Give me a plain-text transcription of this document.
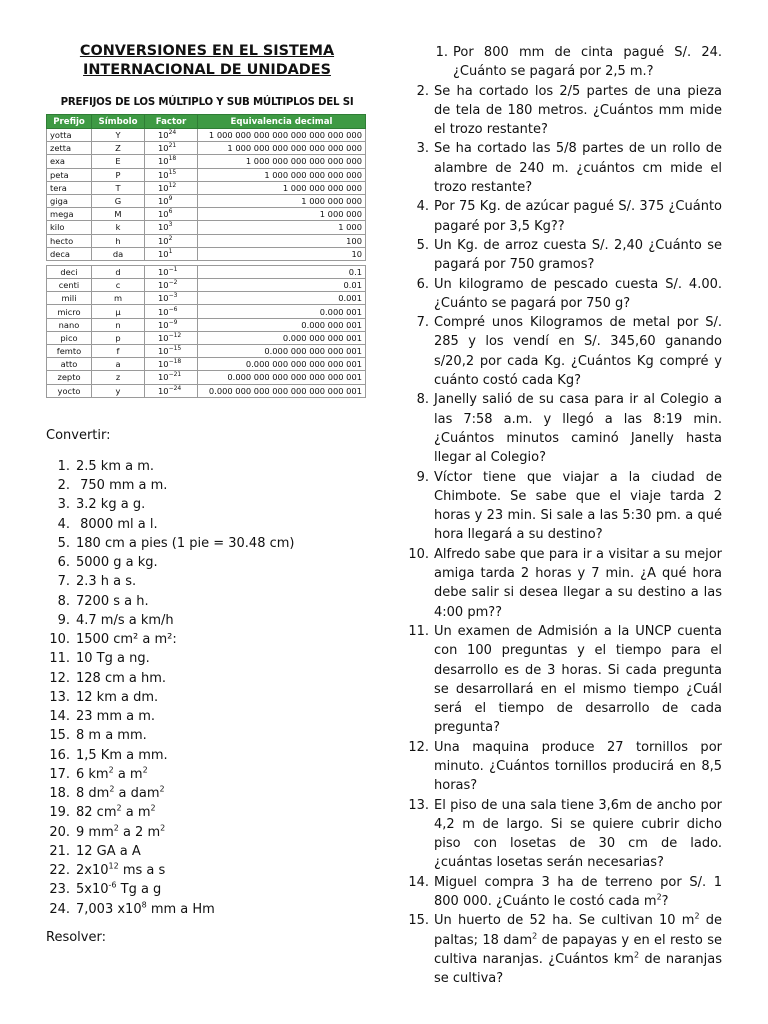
CONVERSIONES EN EL SISTEMA

INTERNACIONAL DE UNIDADES

PREFIJOS DE LOS MÚLTIPLO Y SUB MÚLTIPLOS DEL SI
Prefijo	Símbolo	Factor	Equivalencia decimal
yotta	Y	$10^{24}$	1 000 000 000 000 000 000 000 000
zetta	Z	$10^{21}$	1 000 000 000 000 000 000 000
exa	E	$10^{18}$	1 000 000 000 000 000 000
peta	P	$10^{15}$	1 000 000 000 000 000
tera	T	$10^{12}$	1 000 000 000 000
giga	G	$10^9$	1 000 000 000
mega	M	$10^6$	1 000 000
kilo	k	$10^3$	1 000
hecto	h	$10^2$	100
deca	da	$10^1$	10

deci	d	$10^{-1}$	0.1
centi	c	$10^{-2}$	0.01
mili	m	$10^{-3}$	0.001
micro	μ	$10^{-6}$	0.000 001
nano	n	$10^{-9}$	0.000 000 001
pico	p	$10^{-12}$	0.000 000 000 001
femto	f	$10^{-15}$	0.000 000 000 000 001
atto	a	$10^{-18}$	0.000 000 000 000 000 001
zepto	z	$10^{-21}$	0.000 000 000 000 000 000 001
yocto	y	$10^{-24}$	0.000 000 000 000 000 000 000 001
Convertir:
1. 2.5 km a m.
2. 750 mm a m.
3. 3.2 kg a g.
4. 8000 ml a l.
5. 180 cm a pies (1 pie = 30.48 cm)
6. 5000 g a kg.
7. 2.3 h a s.
8. 7200 s a h.
9. 4.7 m/s a km/h
10. 1500 cm² a m²:
11. 10 Tg a ng.
12. 128 cm a hm.
13. 12 km a dm.
14. 23 mm a m.
15. 8 m a mm.
16. 1,5 Km a mm.
17. 6 $km^2$ a $m^2$
18. 8 $dm^2$ a dam$^2$
19. 82 $cm^2$ a $m^2$
20. 9 $mm^2$ a 2 $m^2$
21. 12 GA a A
22. $2x10^{12}$ ms a s
23. $5x10^{-6}$ Tg a g
24. 7,003 $x10^8$ mm a Hm
Resolver:
1. Por 800 mm de cinta pagué S/. 24. ¿Cuánto se pagará por 2,5 m.?
2. Se ha cortado los 2/5 partes de una pieza de tela de 180 metros. ¿Cuántos mm mide el trozo restante?
3. Se ha cortado las 5/8 partes de un rollo de alambre de 240 m. ¿cuántos cm mide el trozo restante?
4. Por 75 Kg. de azúcar pagué S/. 375 ¿Cuánto pagaré por 3,5 Kg??
5. Un Kg. de arroz cuesta S/. 2,40 ¿Cuánto se pagará por 750 gramos?
6. Un kilogramo de pescado cuesta S/. 4.00. ¿Cuánto se pagará por 750 g?
7. Compré unos Kilogramos de metal por S/. 285 y los vendí en S/. 345,60 ganando s/20,2 por cada Kg. ¿Cuántos Kg compré y cuánto costó cada Kg?
8. Janelly salió de su casa para ir al Colegio a las 7:58 a.m. y llegó a las 8:19 min. ¿Cuántos minutos caminó Janelly hasta llegar al Colegio?
9. Víctor tiene que viajar a la ciudad de Chimbote. Se sabe que el viaje tarda 2 horas y 23 min. Si sale a las 5:30 pm. a qué hora llegará a su destino?
10. Alfredo sabe que para ir a visitar a su mejor amiga tarda 2 horas y 7 min. ¿A qué hora debe salir si desea llegar a su destino a las 4:00 pm??
11. Un examen de Admisión a la UNCP cuenta con 100 preguntas y el tiempo para el desarrollo es de 3 horas. Si cada pregunta se desarrollará en el mismo tiempo ¿Cuál será el tiempo de desarrollo de cada pregunta?
12. Una maquina produce 27 tornillos por minuto. ¿Cuántos tornillos producirá en 8,5 horas?
13. El piso de una sala tiene 3,6m de ancho por 4,2 m de largo. Si se quiere cubrir dicho piso con losetas de 30 cm de lado. ¿cuántas losetas serán necesarias?
14. Miguel compra 3 ha de terreno por S/. 1 800 000. ¿Cuánto le costó cada $m^2$?
15. Un huerto de 52 ha. Se cultivan 10 $m^2$ de paltas; 18 dam$^2$ de papayas y en el resto se cultiva naranjas. ¿Cuántos $km^2$ de naranjas se cultiva?
